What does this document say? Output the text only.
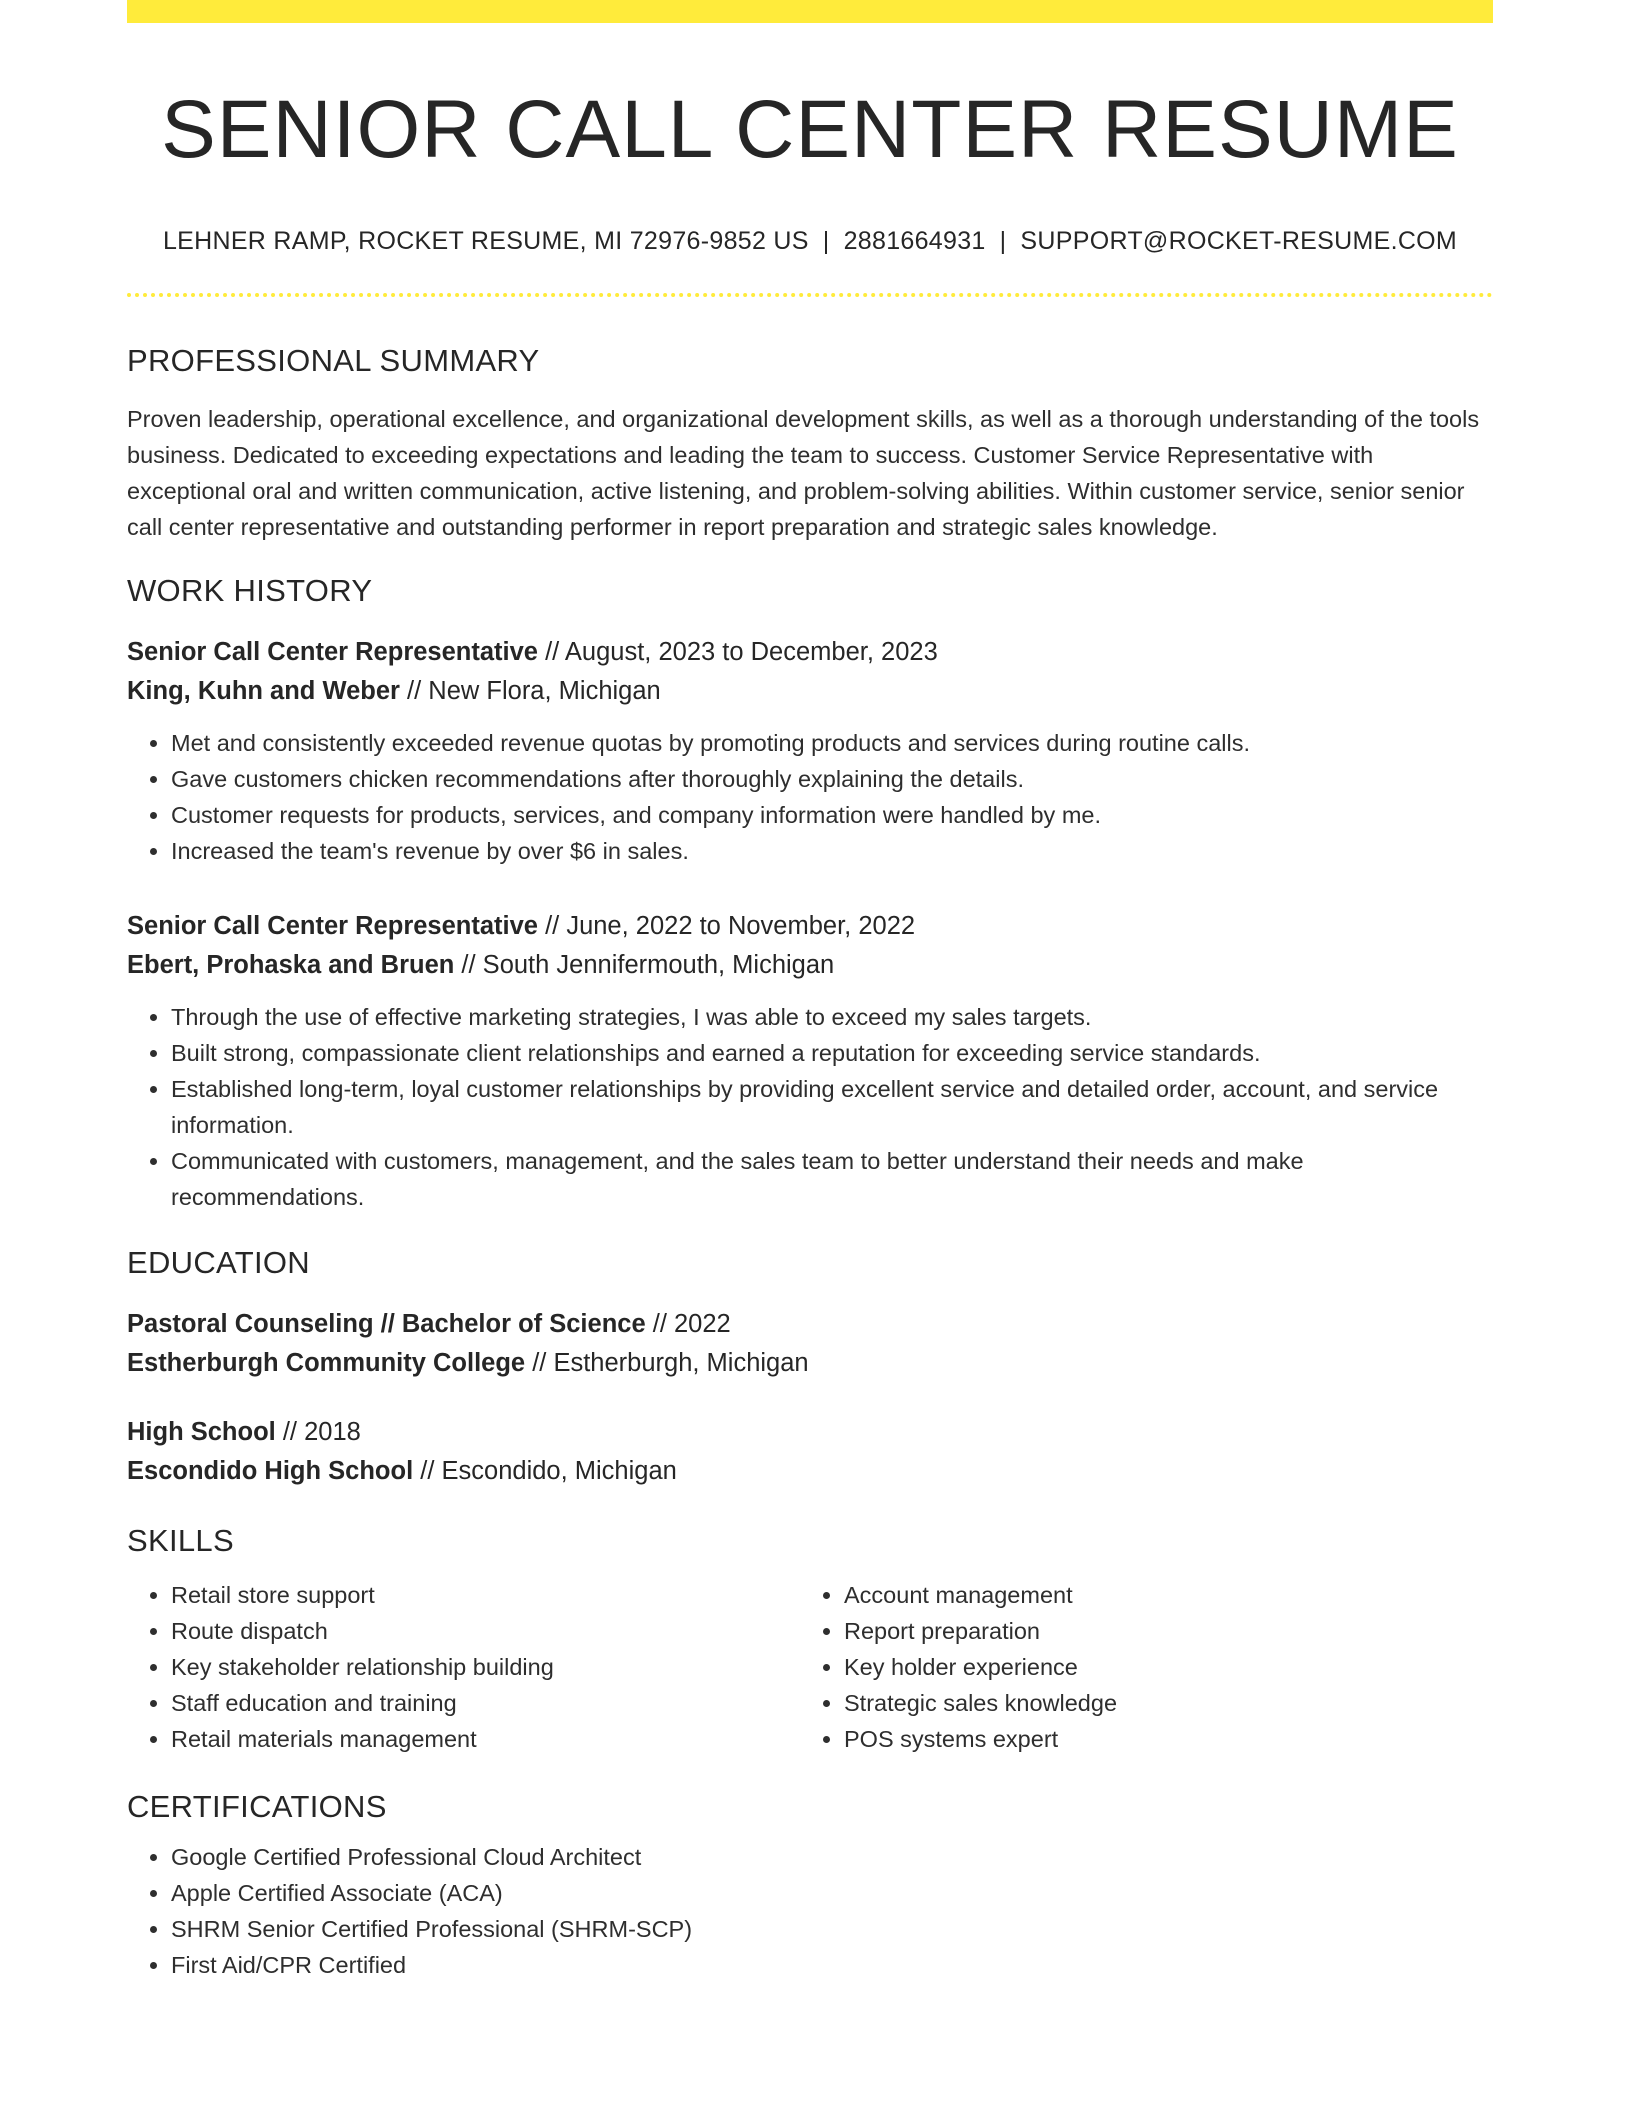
SENIOR CALL CENTER RESUME
LEHNER RAMP, ROCKET RESUME, MI 72976-9852 US | 2881664931 | SUPPORT@ROCKET-RESUME.COM
PROFESSIONAL SUMMARY

Proven leadership, operational excellence, and organizational development skills, as well as a thorough understanding of the tools business. Dedicated to exceeding expectations and leading the team to success. Customer Service Representative with exceptional oral and written communication, active listening, and problem-solving abilities. Within customer service, senior senior call center representative and outstanding performer in report preparation and strategic sales knowledge.

WORK HISTORY
Senior Call Center Representative // August, 2023 to December, 2023
King, Kuhn and Weber // New Flora, Michigan
• Met and consistently exceeded revenue quotas by promoting products and services during routine calls.
• Gave customers chicken recommendations after thoroughly explaining the details.
• Customer requests for products, services, and company information were handled by me.
• Increased the team's revenue by over $6 in sales.
Senior Call Center Representative // June, 2022 to November, 2022
Ebert, Prohaska and Bruen // South Jennifermouth, Michigan
• Through the use of effective marketing strategies, I was able to exceed my sales targets.
• Built strong, compassionate client relationships and earned a reputation for exceeding service standards.
• Established long-term, loyal customer relationships by providing excellent service and detailed order, account, and service information.
• Communicated with customers, management, and the sales team to better understand their needs and make recommendations.
EDUCATION
Pastoral Counseling // Bachelor of Science // 2022
Estherburgh Community College // Estherburgh, Michigan
High School // 2018
Escondido High School // Escondido, Michigan
SKILLS
• Retail store support
• Route dispatch
• Key stakeholder relationship building
• Staff education and training
• Retail materials management
• Account management
• Report preparation
• Key holder experience
• Strategic sales knowledge
• POS systems expert
CERTIFICATIONS
• Google Certified Professional Cloud Architect
• Apple Certified Associate (ACA)
• SHRM Senior Certified Professional (SHRM-SCP)
• First Aid/CPR Certified
